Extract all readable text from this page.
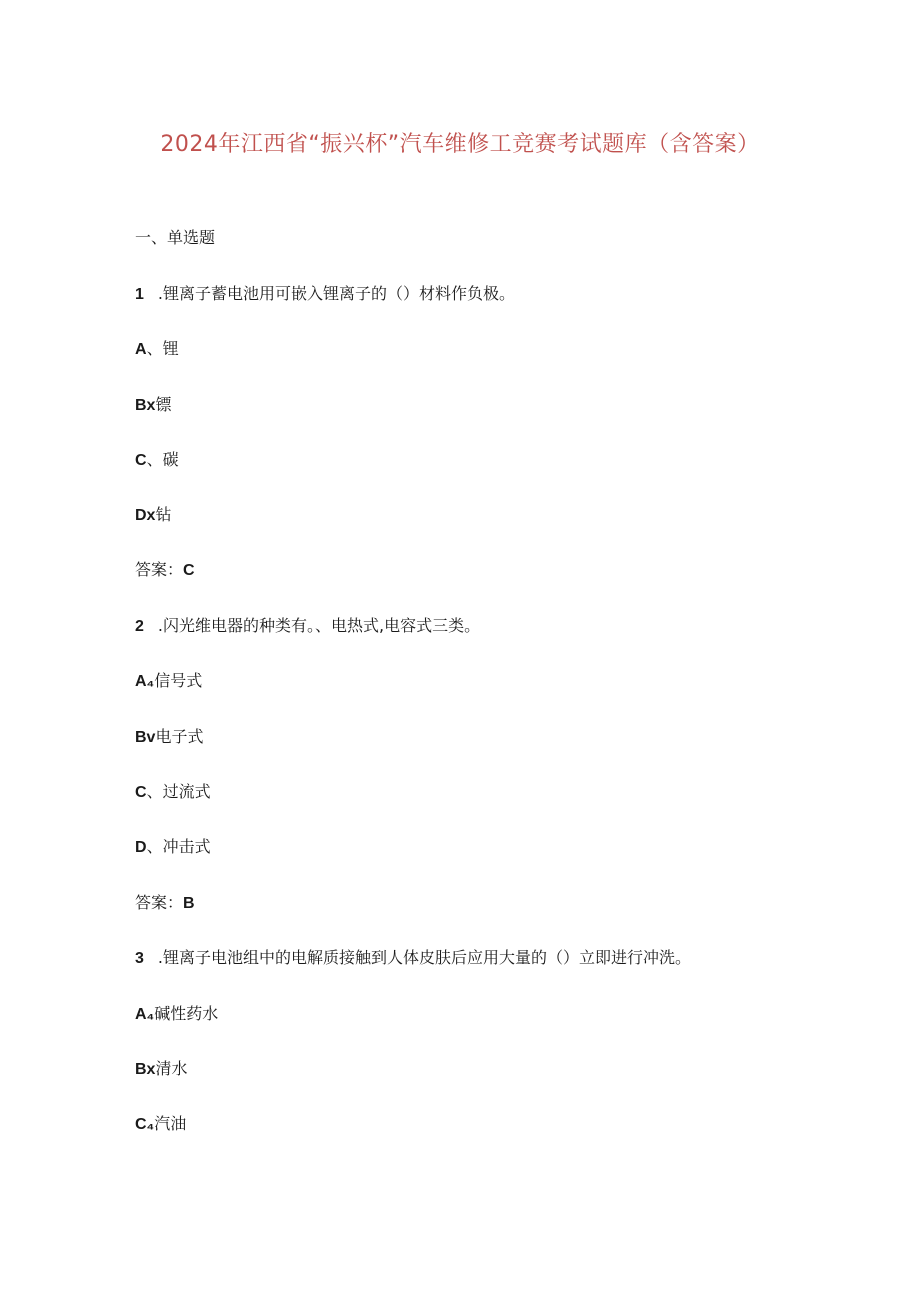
2024年江西省“振兴杯”汽车维修工竞赛考试题库（含答案）
一、单选题
1 .锂离子蓄电池用可嵌入锂离子的（）材料作负极。
A、锂
Bx镖
C、碳
Dx钻
答案：C
2 .闪光维电器的种类有。、电热式,电容式三类。
A₄信号式
Bv电子式
C、过流式
D、冲击式
答案：B
3 .锂离子电池组中的电解质接触到人体皮肤后应用大量的（）立即进行冲洗。
A₄碱性药水
Bx清水
C₄汽油
